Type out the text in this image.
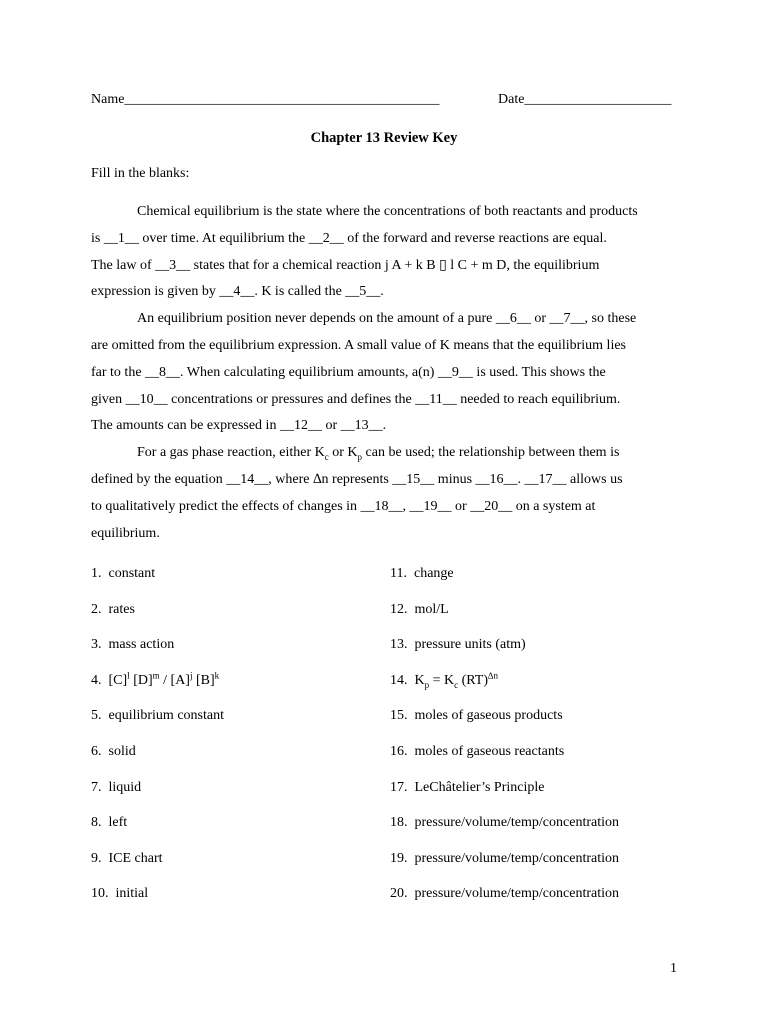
Name_____________________________________________	Date_____________________
Chapter 13 Review Key
Fill in the blanks:

Chemical equilibrium is the state where the concentrations of both reactants and products

is __1__ over time. At equilibrium the __2__ of the forward and reverse reactions are equal.

The law of __3__ states that for a chemical reaction j A + k B ▯ l C + m D, the equilibrium

expression is given by __4__. K is called the __5__.

An equilibrium position never depends on the amount of a pure __6__ or __7__, so these

are omitted from the equilibrium expression. A small value of K means that the equilibrium lies

far to the __8__. When calculating equilibrium amounts, a(n) __9__ is used. This shows the

given __10__ concentrations or pressures and defines the __11__ needed to reach equilibrium.

The amounts can be expressed in __12__ or __13__.

For a gas phase reaction, either $K_c$ or $K_p$ can be used; the relationship between them is

defined by the equation __14__, where ∆n represents __15__ minus __16__. __17__ allows us

to qualitatively predict the effects of changes in __18__, __19__ or __20__ on a system at

equilibrium.

1. constant	11. change
2. rates	12. mol/L
3. mass action	13. pressure units (atm)
4. $[C]^l$ $[D]^m / [A]^j$ $[B]^k$	14. $K_p = K_c$ (RT)$^{\Delta n}$
5. equilibrium constant	15. moles of gaseous products
6. solid	16. moles of gaseous reactants
7. liquid	17. LeChâtelier’s Principle
8. left	18. pressure/volume/temp/concentration
9. ICE chart	19. pressure/volume/temp/concentration
10. initial	20. pressure/volume/temp/concentration
1
